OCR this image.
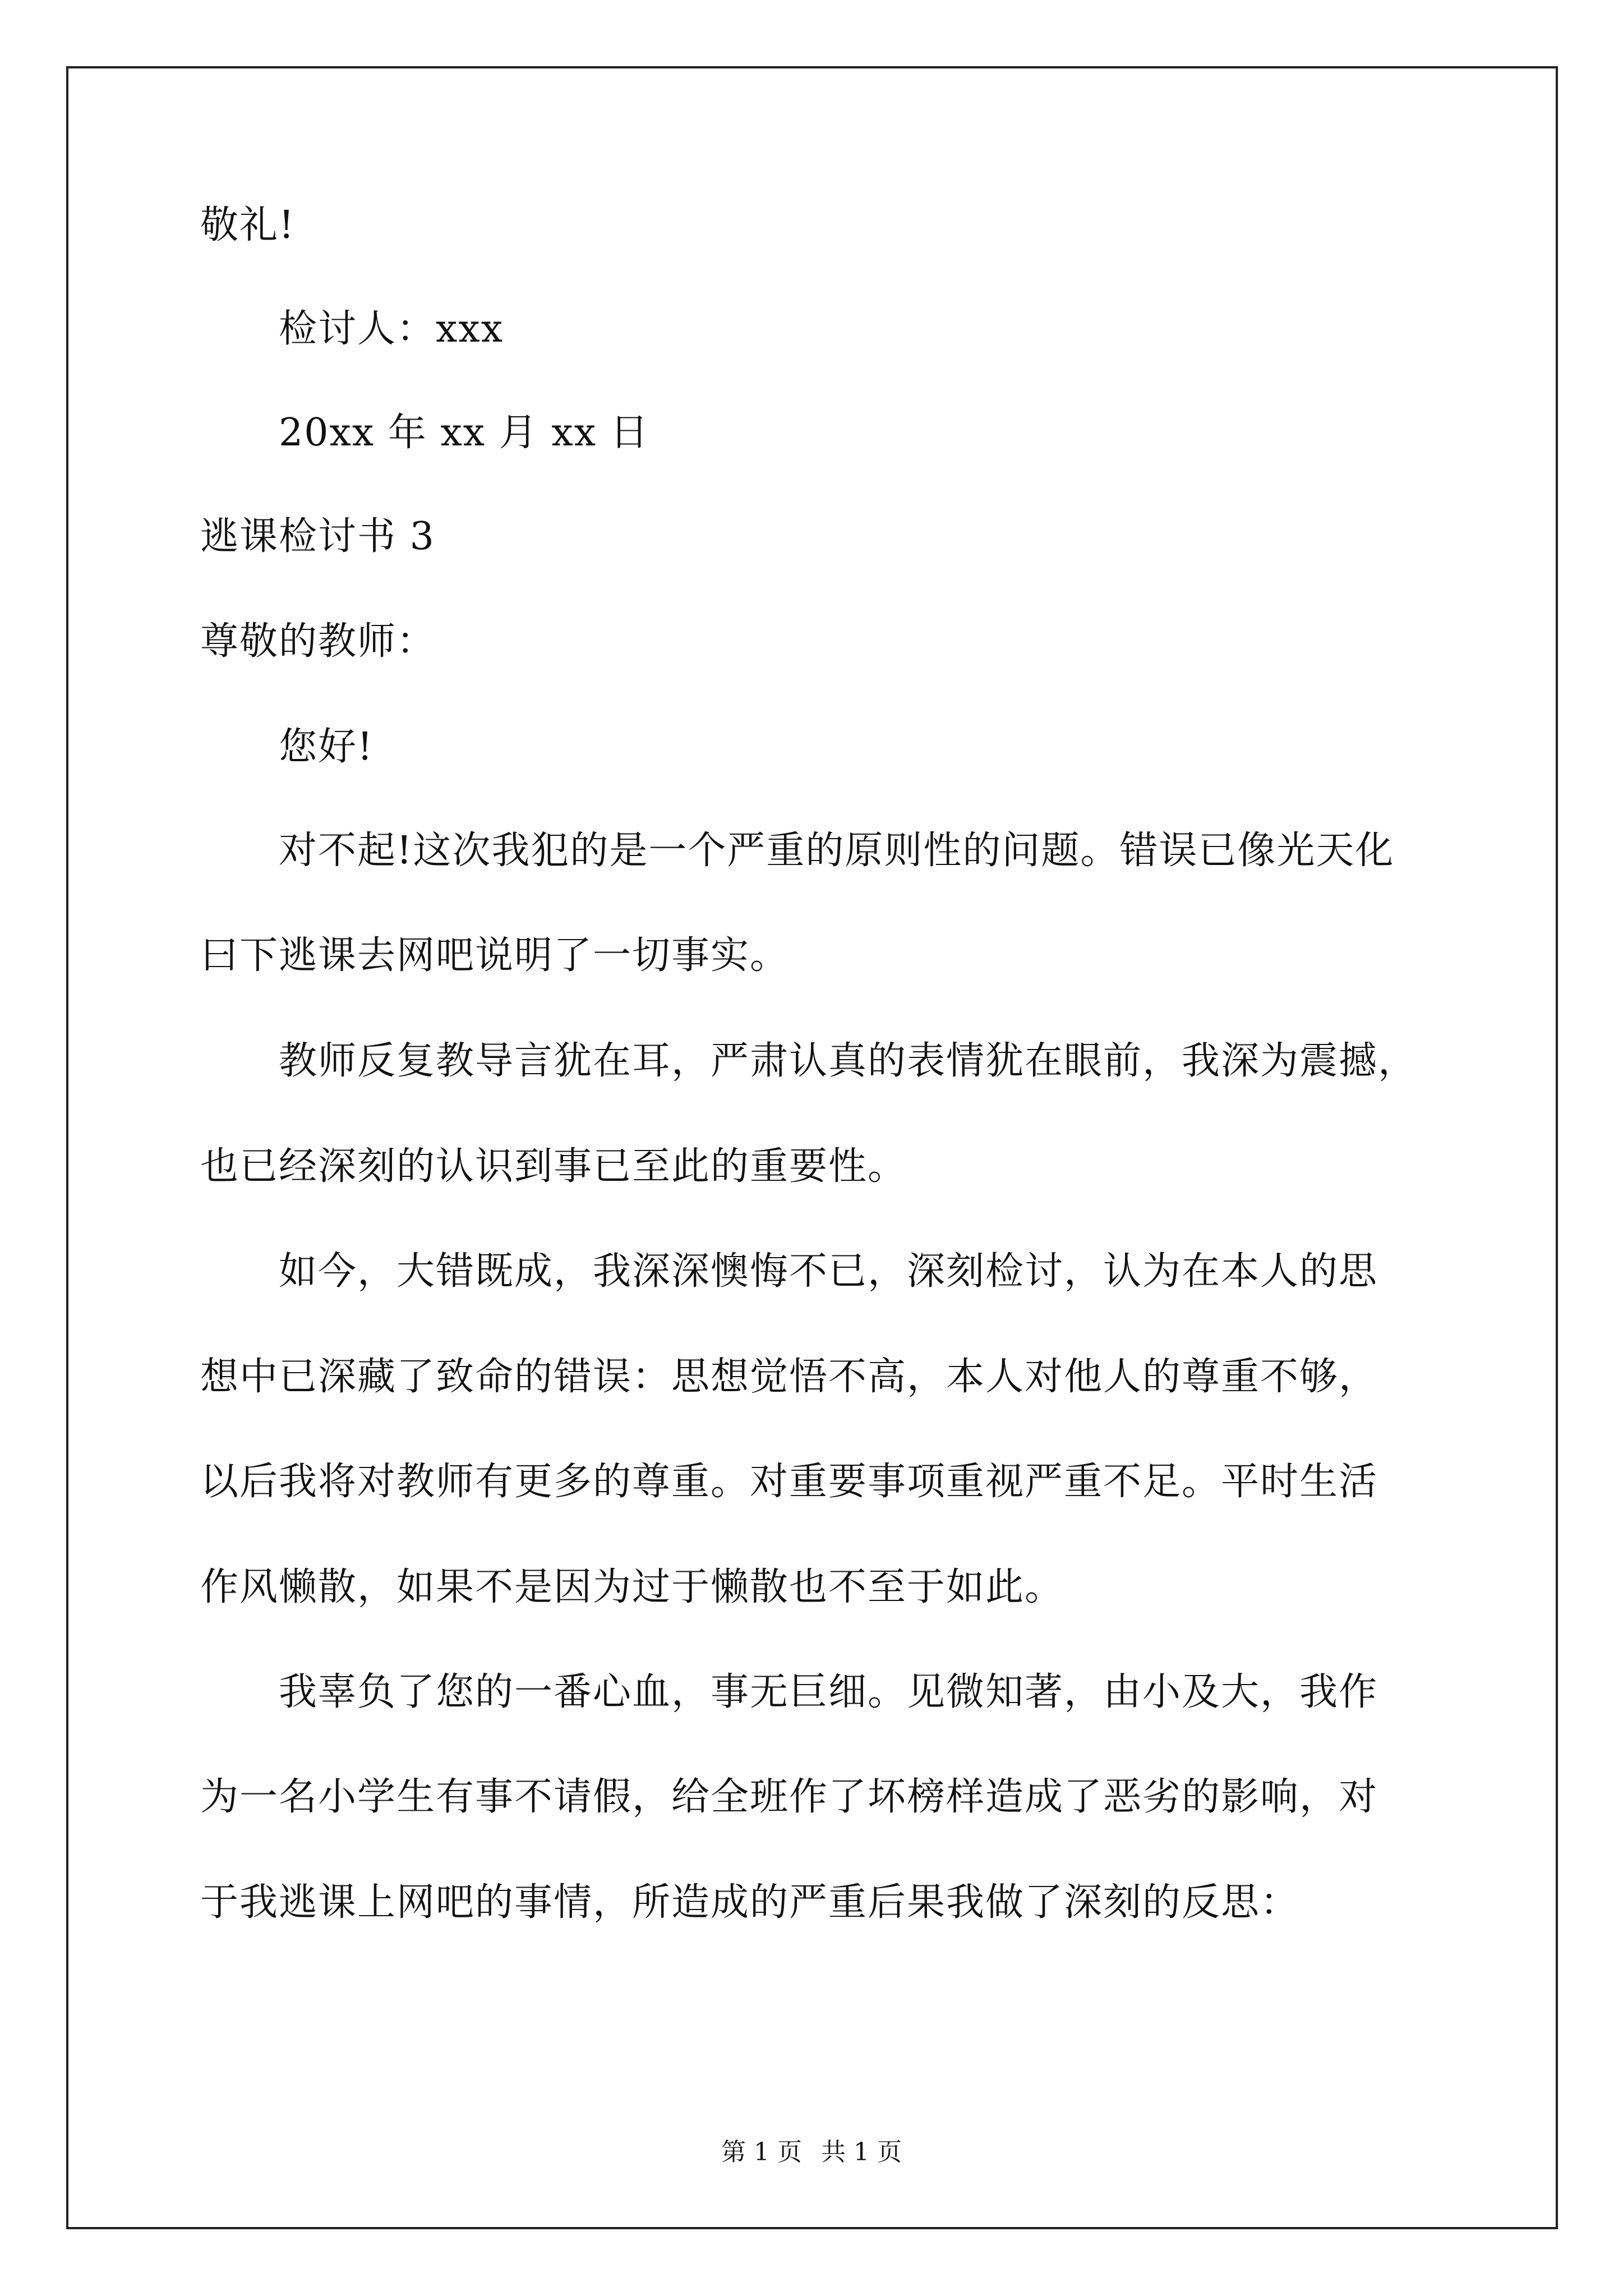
敬礼!
检讨人：xxx
20xx 年 xx 月 xx 日
逃课检讨书 3
尊敬的教师：
您好!
对不起!这次我犯的是一个严重的原则性的问题。错误已像光天化
曰下逃课去网吧说明了一切事实。
教师反复教导言犹在耳，严肃认真的表情犹在眼前，我深为震撼，
也已经深刻的认识到事已至此的重要性。
如今，大错既成，我深深懊悔不已，深刻检讨，认为在本人的思
想中已深藏了致命的错误：思想觉悟不高，本人对他人的尊重不够，
以后我将对教师有更多的尊重。对重要事项重视严重不足。平时生活
作风懒散，如果不是因为过于懒散也不至于如此。
我辜负了您的一番心血，事无巨细。见微知著，由小及大，我作
为一名小学生有事不请假，给全班作了坏榜样造成了恶劣的影响，对
于我逃课上网吧的事情，所造成的严重后果我做了深刻的反思：
第 1 页 共 1 页
